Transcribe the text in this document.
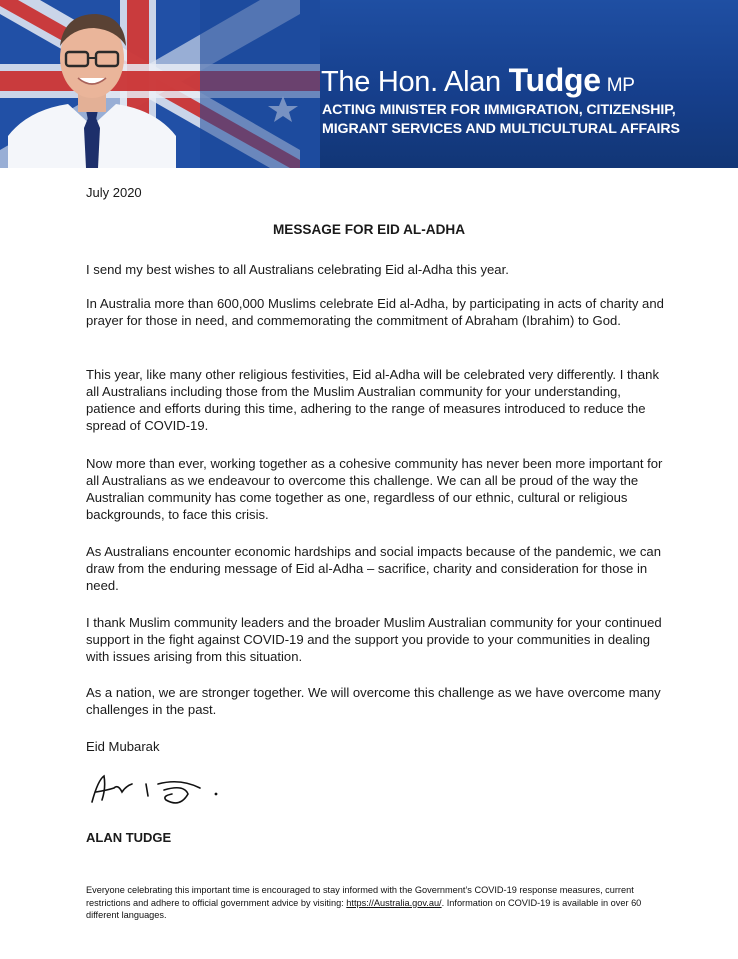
The Hon. Alan Tudge MP
ACTING MINISTER FOR IMMIGRATION, CITIZENSHIP,
MIGRANT SERVICES AND MULTICULTURAL AFFAIRS
July 2020
MESSAGE FOR EID AL-ADHA
I send my best wishes to all Australians celebrating Eid al-Adha this year.
In Australia more than 600,000 Muslims celebrate Eid al-Adha, by participating in acts of charity and prayer for those in need, and commemorating the commitment of Abraham (Ibrahim) to God.
This year, like many other religious festivities, Eid al-Adha will be celebrated very differently. I thank all Australians including those from the Muslim Australian community for your understanding, patience and efforts during this time, adhering to the range of measures introduced to reduce the spread of COVID-19.
Now more than ever, working together as a cohesive community has never been more important for all Australians as we endeavour to overcome this challenge. We can all be proud of the way the Australian community has come together as one, regardless of our ethnic, cultural or religious backgrounds, to face this crisis.
As Australians encounter economic hardships and social impacts because of the pandemic, we can draw from the enduring message of Eid al-Adha – sacrifice, charity and consideration for those in need.
I thank Muslim community leaders and the broader Muslim Australian community for your continued support in the fight against COVID-19 and the support you provide to your communities in dealing with issues arising from this situation.
As a nation, we are stronger together. We will overcome this challenge as we have overcome many challenges in the past.
Eid Mubarak
ALAN TUDGE
Everyone celebrating this important time is encouraged to stay informed with the Government’s COVID-19 response measures, current restrictions and adhere to official government advice by visiting: https://Australia.gov.au/. Information on COVID-19 is available in over 60 different languages.
